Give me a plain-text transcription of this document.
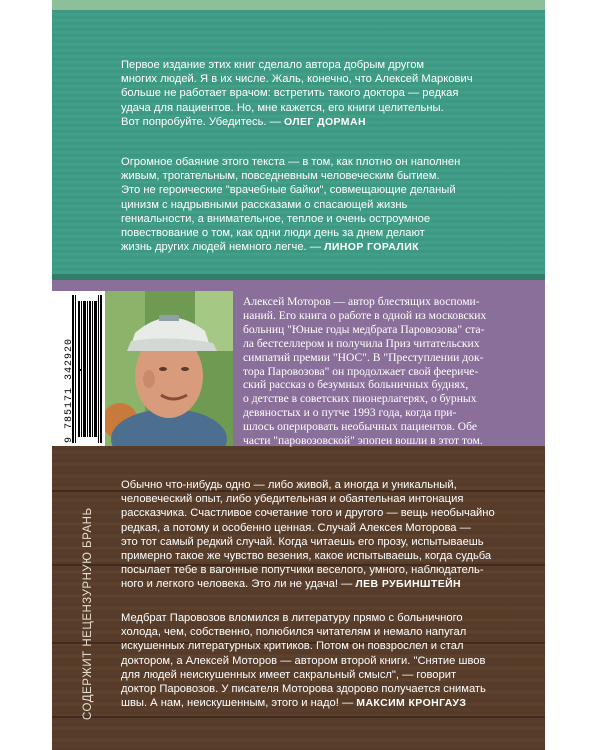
Первое издание этих книг сделало автора добрым другом

многих людей. Я в их числе. Жаль, конечно, что Алексей Маркович

больше не работает врачом: встретить такого доктора — редкая

удача для пациентов. Но, мне кажется, его книги целительны.

Вот попробуйте. Убедитесь. — ОЛЕГ ДОРМАН

Огромное обаяние этого текста — в том, как плотно он наполнен

живым, трогательным, повседневным человеческим бытием.

Это не героические "врачебные байки", совмещающие деланый

цинизм с надрывными рассказами о спасающей жизнь

гениальности, а внимательное, теплое и очень остроумное

повествование о том, как одни люди день за днем делают

жизнь других людей немного легче. — ЛИНОР ГОРАЛИК

9 785171 342920
Алексей Моторов — автор блестящих воспоми-
наний. Его книга о работе в одной из московских
больниц "Юные годы медбрата Паровозова" ста-
ла бестселлером и получила Приз читательских
симпатий премии "НОС". В "Преступлении док-
тора Паровозова" он продолжает свой феериче-
ский рассказ о безумных больничных буднях,
о детстве в советских пионерлагерях, о бурных
девяностых и о путче 1993 года, когда при-
шлось оперировать необычных пациентов. Обе
части "паровозовской" эпопеи вошли в этот том.

Обычно что-нибудь одно — либо живой, а иногда и уникальный,

человеческий опыт, либо убедительная и обаятельная интонация

рассказчика. Счастливое сочетание того и другого — вещь необычайно

редкая, а потому и особенно ценная. Случай Алексея Моторова —

это тот самый редкий случай. Когда читаешь его прозу, испытываешь

примерно такое же чувство везения, какое испытываешь, когда судьба

посылает тебе в вагонные попутчики веселого, умного, наблюдатель-

ного и легкого человека. Это ли не удача! — ЛЕВ РУБИНШТЕЙН

Медбрат Паровозов вломился в литературу прямо с больничного

холода, чем, собственно, полюбился читателям и немало напугал

искушенных литературных критиков. Потом он повзрослел и стал

доктором, а Алексей Моторов — автором второй книги. "Снятие швов

для людей неискушенных имеет сакральный смысл", — говорит

доктор Паровозов. У писателя Моторова здорово получается снимать

швы. А нам, неискушенным, этого и надо! — МАКСИМ КРОНГАУЗ

СОДЕРЖИТ НЕЦЕНЗУРНУЮ БРАНЬ
